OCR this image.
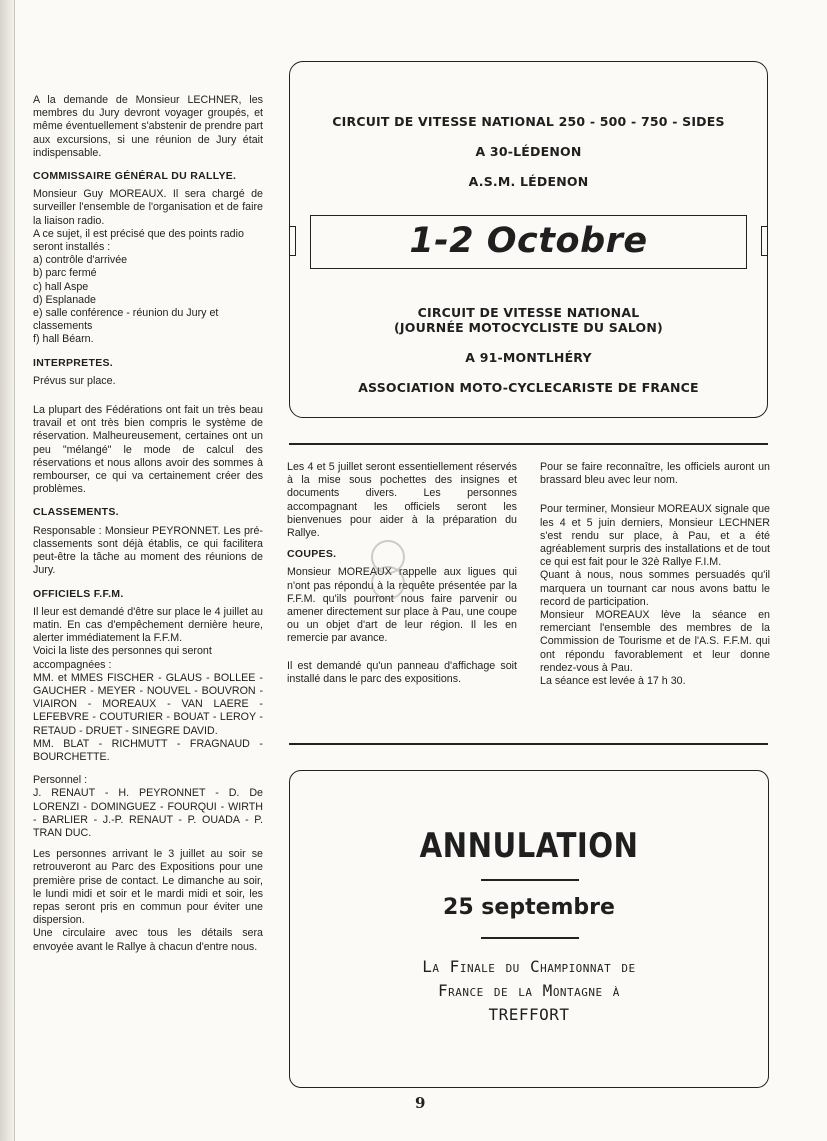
A la demande de Monsieur LECHNER, les membres du Jury devront voyager groupés, et même éventuellement s'abstenir de prendre part aux excursions, si une réunion de Jury était indispensable.

COMMISSAIRE GÉNÉRAL DU RALLYE.

Monsieur Guy MOREAUX. Il sera chargé de surveiller l'ensemble de l'organisation et de faire la liaison radio.

A ce sujet, il est précisé que des points radio seront installés :
a) contrôle d'arrivée
b) parc fermé
c) hall Aspe
d) Esplanade
e) salle conférence - réunion du Jury et classements
f) hall Béarn.
INTERPRETES.

Prévus sur place.

La plupart des Fédérations ont fait un très beau travail et ont très bien compris le système de réservation. Malheureusement, certaines ont un peu "mélangé" le mode de calcul des réservations et nous allons avoir des sommes à rembourser, ce qui va certainement créer des problèmes.

CLASSEMENTS.

Responsable : Monsieur PEYRONNET. Les pré-classements sont déjà établis, ce qui facilitera peut-être la tâche au moment des réunions de Jury.

OFFICIELS F.F.M.

Il leur est demandé d'être sur place le 4 juillet au matin. En cas d'empêchement dernière heure, alerter immédiatement la F.F.M.

Voici la liste des personnes qui seront accompagnées :
MM. et MMES FISCHER - GLAUS - BOLLEE - GAUCHER - MEYER - NOUVEL - BOUVRON - VIAIRON - MOREAUX - VAN LAERE - LEFEBVRE - COUTURIER - BOUAT - LEROY - RETAUD - DRUET - SINEGRE DAVID.

MM. BLAT - RICHMUTT - FRAGNAUD - BOURCHETTE.

Personnel :

J. RENAUT - H. PEYRONNET - D. De LORENZI - DOMINGUEZ - FOURQUI - WIRTH - BARLIER - J.-P. RENAUT - P. OUADA - P. TRAN DUC.

Les personnes arrivant le 3 juillet au soir se retrouveront au Parc des Expositions pour une première prise de contact. Le dimanche au soir, le lundi midi et soir et le mardi midi et soir, les repas seront pris en commun pour éviter une dispersion.

Une circulaire avec tous les détails sera envoyée avant le Rallye à chacun d'entre nous.

CIRCUIT DE VITESSE NATIONAL 250 - 500 - 750 - SIDES
A 30-LÉDENON
A.S.M. LÉDENON
1-2 Octobre
CIRCUIT DE VITESSE NATIONAL
(JOURNÉE MOTOCYCLISTE DU SALON)
A 91-MONTLHÉRY
ASSOCIATION MOTO-CYCLECARISTE DE FRANCE

Les 4 et 5 juillet seront essentiellement réservés à la mise sous pochettes des insignes et documents divers. Les personnes accompagnant les officiels seront les bienvenues pour aider à la préparation du Rallye.

COUPES.

Monsieur MOREAUX rappelle aux ligues qui n'ont pas répondu à la requête présentée par la F.F.M. qu'ils pourront nous faire parvenir ou amener directement sur place à Pau, une coupe ou un objet d'art de leur région. Il les en remercie par avance.

Il est demandé qu'un panneau d'affichage soit installé dans le parc des expositions.

Pour se faire reconnaître, les officiels auront un brassard bleu avec leur nom.

Pour terminer, Monsieur MOREAUX signale que les 4 et 5 juin derniers, Monsieur LECHNER s'est rendu sur place, à Pau, et a été agréablement surpris des installations et de tout ce qui est fait pour le 32è Rallye F.I.M.

Quant à nous, nous sommes persuadés qu'il marquera un tournant car nous avons battu le record de participation.

Monsieur MOREAUX lève la séance en remerciant l'ensemble des membres de la Commission de Tourisme et de l'A.S. F.F.M. qui ont répondu favorablement et leur donne rendez-vous à Pau.

La séance est levée à 17 h 30.

ANNULATION
25 septembre
La Finale du Championnat de
France de la Montagne à
TREFFORT
9
